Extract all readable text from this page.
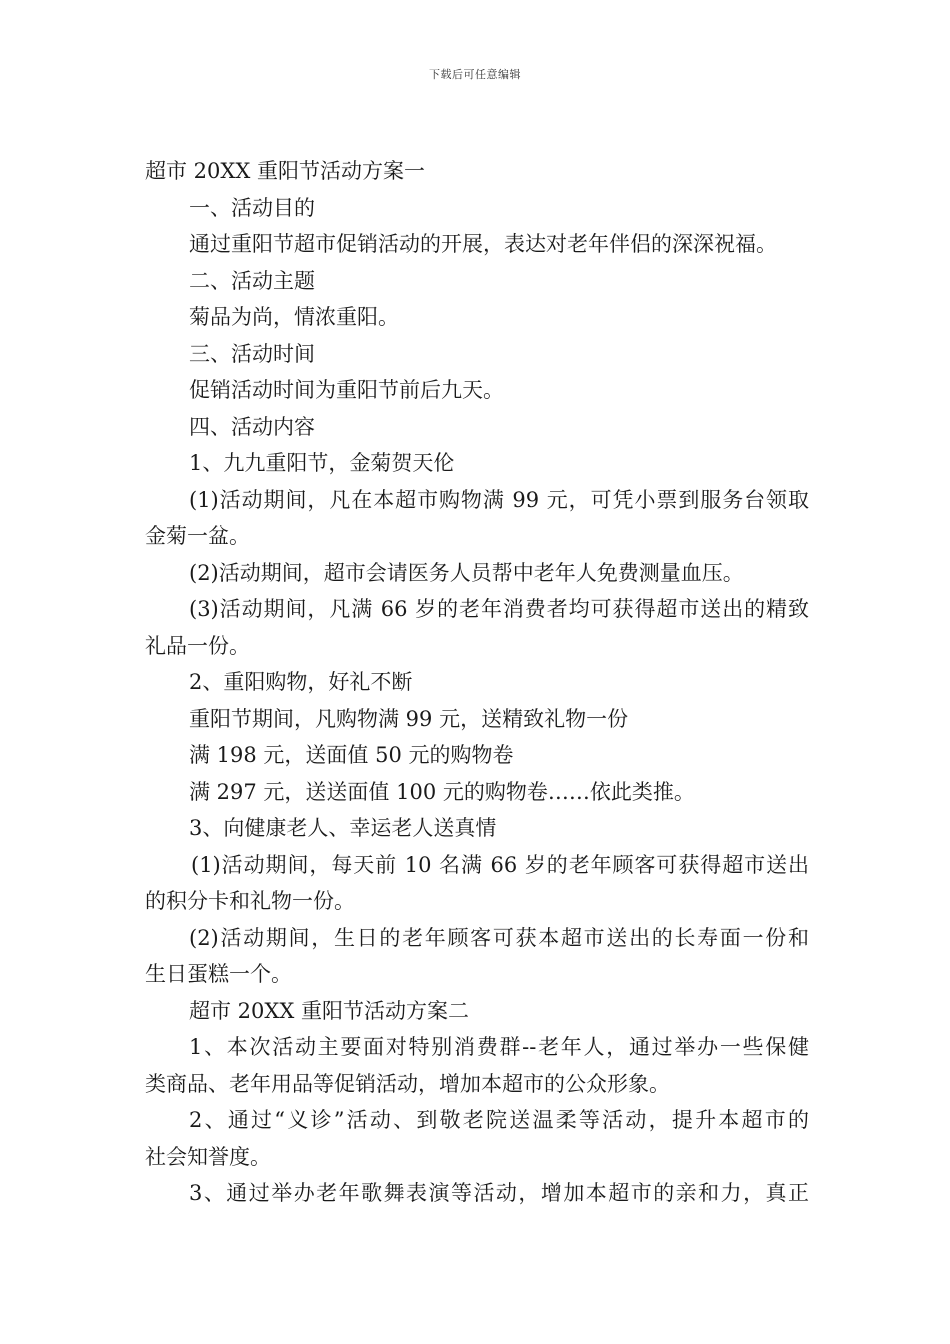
下载后可任意编辑
超市 20XX 重阳节活动方案一
一、活动目的
通过重阳节超市促销活动的开展，表达对老年伴侣的深深祝福。
二、活动主题
菊品为尚，情浓重阳。
三、活动时间
促销活动时间为重阳节前后九天。
四、活动内容
1、九九重阳节，金菊贺天伦
(1)活动期间，凡在本超市购物满 99 元，可凭小票到服务台领取
金菊一盆。
(2)活动期间，超市会请医务人员帮中老年人免费测量血压。
(3)活动期间，凡满 66 岁的老年消费者均可获得超市送出的精致
礼品一份。
2、重阳购物，好礼不断
重阳节期间，凡购物满 99 元，送精致礼物一份
满 198 元，送面值 50 元的购物卷
满 297 元，送送面值 100 元的购物卷……依此类推。
3、向健康老人、幸运老人送真情
(1)活动期间，每天前 10 名满 66 岁的老年顾客可获得超市送出
的积分卡和礼物一份。
(2)活动期间，生日的老年顾客可获本超市送出的长寿面一份和
生日蛋糕一个。
超市 20XX 重阳节活动方案二
1、本次活动主要面对特别消费群--老年人，通过举办一些保健
类商品、老年用品等促销活动，增加本超市的公众形象。
2、通过“义诊”活动、到敬老院送温柔等活动，提升本超市的
社会知誉度。
3、通过举办老年歌舞表演等活动，增加本超市的亲和力，真正
